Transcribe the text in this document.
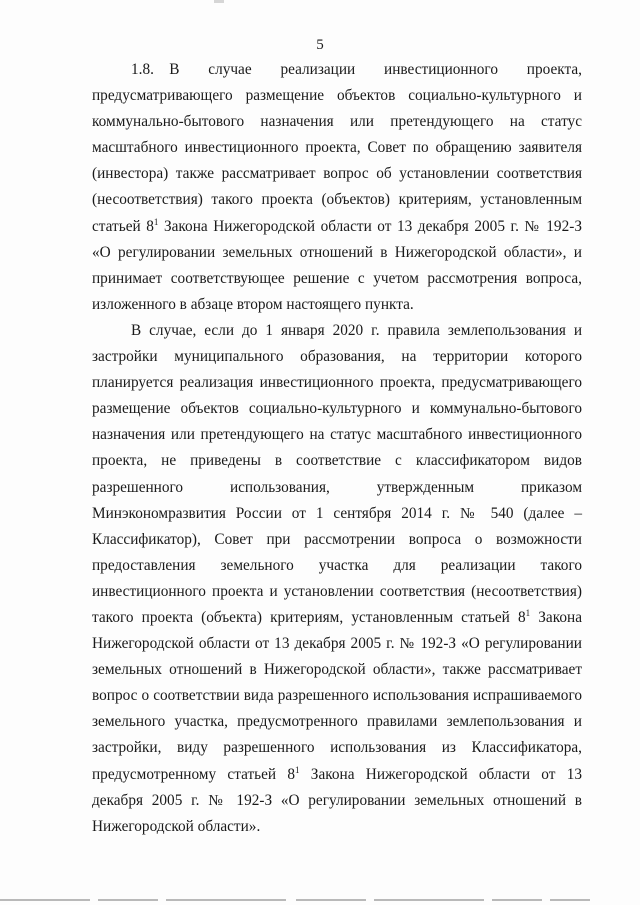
5
1.8. В случае реализации инвестиционного проекта,
предусматривающего размещение объектов социально-культурного и
коммунально-бытового назначения или претендующего на статус
масштабного инвестиционного проекта, Совет по обращению заявителя
(инвестора) также рассматривает вопрос об установлении соответствия
(несоответствия) такого проекта (объектов) критериям, установленным
статьей $8^1$ Закона Нижегородской области от 13 декабря 2005 г. № 192-З
«О регулировании земельных отношений в Нижегородской области», и
принимает соответствующее решение с учетом рассмотрения вопроса,
изложенного в абзаце втором настоящего пункта.
В случае, если до 1 января 2020 г. правила землепользования и
застройки муниципального образования, на территории которого
планируется реализация инвестиционного проекта, предусматривающего
размещение объектов социально-культурного и коммунально-бытового
назначения или претендующего на статус масштабного инвестиционного
проекта, не приведены в соответствие с классификатором видов
разрешенного использования, утвержденным приказом
Минэкономразвития России от 1 сентября 2014 г. № 540 (далее –
Классификатор), Совет при рассмотрении вопроса о возможности
предоставления земельного участка для реализации такого
инвестиционного проекта и установлении соответствия (несоответствия)
такого проекта (объекта) критериям, установленным статьей $8^1$ Закона
Нижегородской области от 13 декабря 2005 г. № 192-З «О регулировании
земельных отношений в Нижегородской области», также рассматривает
вопрос о соответствии вида разрешенного использования испрашиваемого
земельного участка, предусмотренного правилами землепользования и
застройки, виду разрешенного использования из Классификатора,
предусмотренному статьей $8^1$ Закона Нижегородской области от 13
декабря 2005 г. № 192-З «О регулировании земельных отношений в
Нижегородской области».
